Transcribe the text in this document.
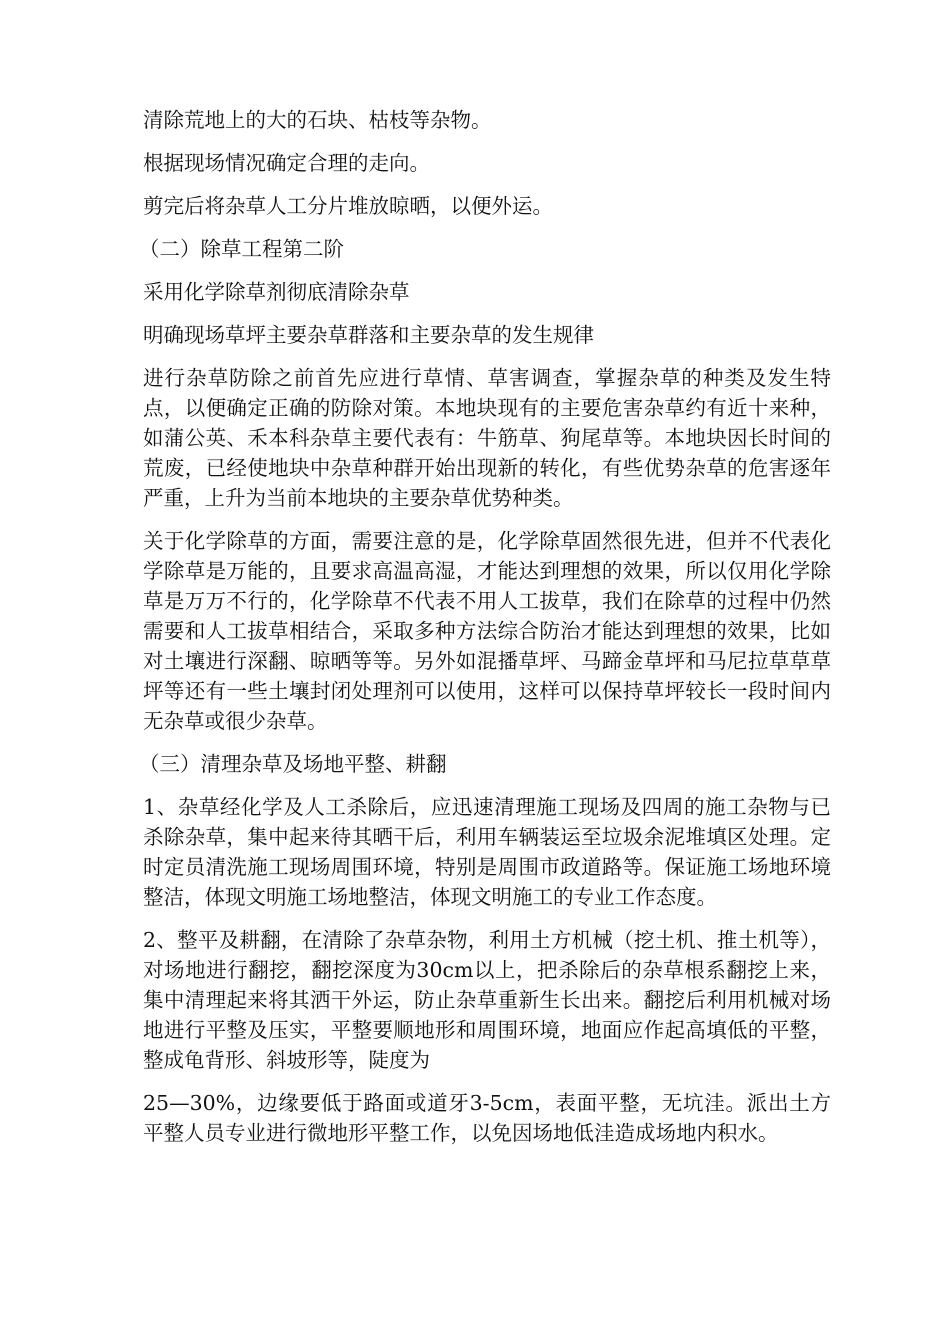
清除荒地上的大的石块、枯枝等杂物。

根据现场情况确定合理的走向。

剪完后将杂草人工分片堆放晾晒，以便外运。

（二）除草工程第二阶

采用化学除草剂彻底清除杂草

明确现场草坪主要杂草群落和主要杂草的发生规律

进行杂草防除之前首先应进行草情、草害调查，掌握杂草的种类及发生特点，以便确定正确的防除对策。本地块现有的主要危害杂草约有近十来种，如蒲公英、禾本科杂草主要代表有：牛筋草、狗尾草等。本地块因长时间的荒废，已经使地块中杂草种群开始出现新的转化，有些优势杂草的危害逐年严重，上升为当前本地块的主要杂草优势种类。

关于化学除草的方面，需要注意的是，化学除草固然很先进，但并不代表化学除草是万能的，且要求高温高湿，才能达到理想的效果，所以仅用化学除草是万万不行的，化学除草不代表不用人工拔草，我们在除草的过程中仍然需要和人工拔草相结合，采取多种方法综合防治才能达到理想的效果，比如对土壤进行深翻、晾晒等等。另外如混播草坪、马蹄金草坪和马尼拉草草草坪等还有一些土壤封闭处理剂可以使用，这样可以保持草坪较长一段时间内无杂草或很少杂草。

（三）清理杂草及场地平整、耕翻

1、杂草经化学及人工杀除后，应迅速清理施工现场及四周的施工杂物与已杀除杂草，集中起来待其晒干后，利用车辆装运至垃圾余泥堆填区处理。定时定员清洗施工现场周围环境，特别是周围市政道路等。保证施工场地环境整洁，体现文明施工场地整洁，体现文明施工的专业工作态度。

2、整平及耕翻，在清除了杂草杂物，利用土方机械（挖土机、推土机等），对场地进行翻挖，翻挖深度为30cm以上，把杀除后的杂草根系翻挖上来，集中清理起来将其洒干外运，防止杂草重新生长出来。翻挖后利用机械对场地进行平整及压实，平整要顺地形和周围环境，地面应作起高填低的平整，整成龟背形、斜坡形等，陡度为

25—30%，边缘要低于路面或道牙3-5cm，表面平整，无坑洼。派出土方平整人员专业进行微地形平整工作，以免因场地低洼造成场地内积水。
